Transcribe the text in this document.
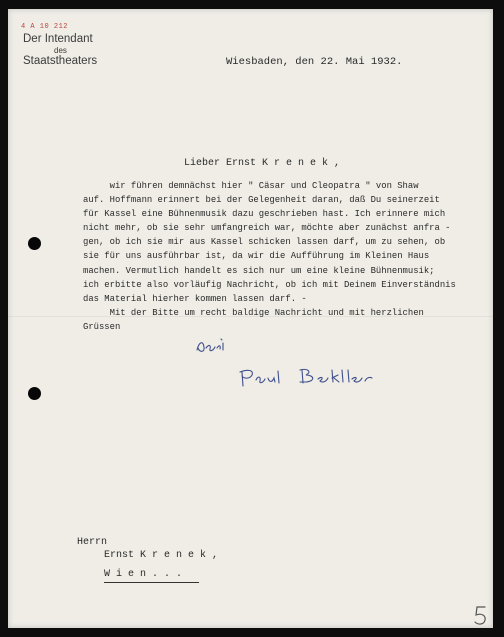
4 A 10 212
Der Intendant
des
Staatstheaters	Wiesbaden, den 22. Mai 1932.
Lieber Ernst K r e n e k ,
wir führen demnächst hier " Cäsar und Cleopatra " von Shaw
auf. Hoffmann erinnert bei der Gelegenheit daran, daß Du seinerzeit
für Kassel eine Bühnenmusik dazu geschrieben hast. Ich erinnere mich
nicht mehr, ob sie sehr umfangreich war, möchte aber zunächst anfra -
gen, ob ich sie mir aus Kassel schicken lassen darf, um zu sehen, ob
sie für uns ausführbar ist, da wir die Aufführung im Kleinen Haus
machen. Vermutlich handelt es sich nur um eine kleine Bühnenmusik;
ich erbitte also vorläufig Nachricht, ob ich mit Deinem Einverständnis
das Material hierher kommen lassen darf. -
Mit der Bitte um recht baldige Nachricht und mit herzlichen
Grüssen
Herrn
Ernst K r e n e k ,
W i e n . . .
